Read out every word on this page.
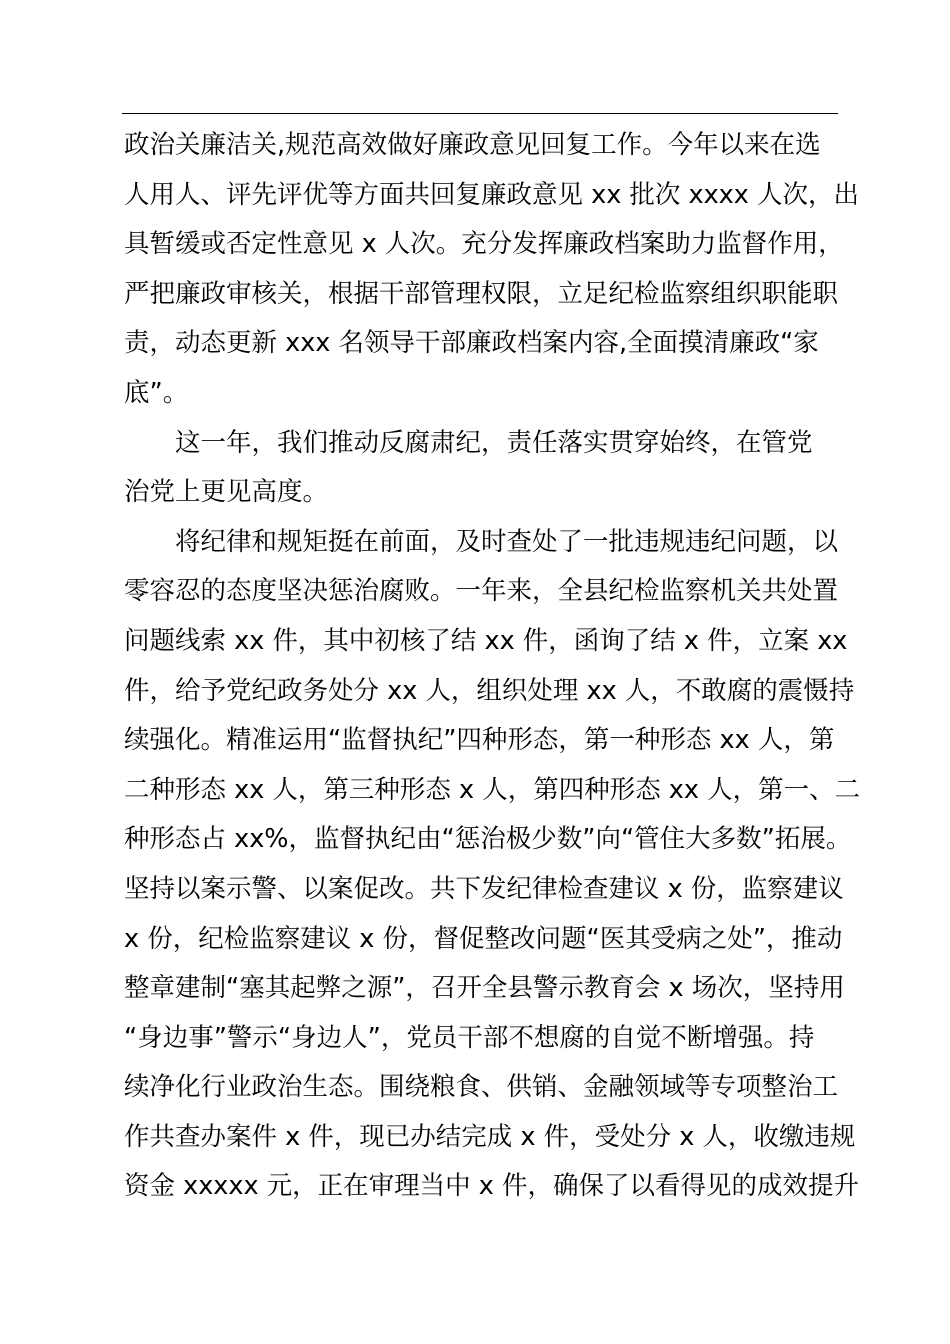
政治关廉洁关,规范高效做好廉政意见回复工作。今年以来在选
人用人、评先评优等方面共回复廉政意见 xx 批次 xxxx 人次，出
具暂缓或否定性意见 x 人次。充分发挥廉政档案助力监督作用，
严把廉政审核关，根据干部管理权限，立足纪检监察组织职能职
责，动态更新 xxx 名领导干部廉政档案内容,全面摸清廉政“家
底”。
这一年，我们推动反腐肃纪，责任落实贯穿始终，在管党
治党上更见高度。
将纪律和规矩挺在前面，及时查处了一批违规违纪问题，以
零容忍的态度坚决惩治腐败。一年来，全县纪检监察机关共处置
问题线索 xx 件，其中初核了结 xx 件，函询了结 x 件，立案 xx
件，给予党纪政务处分 xx 人，组织处理 xx 人，不敢腐的震慑持
续强化。精准运用“监督执纪”四种形态，第一种形态 xx 人，第
二种形态 xx 人，第三种形态 x 人，第四种形态 xx 人，第一、二
种形态占 xx%，监督执纪由“惩治极少数”向“管住大多数”拓展。
坚持以案示警、以案促改。共下发纪律检查建议 x 份，监察建议
x 份，纪检监察建议 x 份，督促整改问题“医其受病之处”，推动
整章建制“塞其起弊之源”，召开全县警示教育会 x 场次，坚持用
“身边事”警示“身边人”，党员干部不想腐的自觉不断增强。持
续净化行业政治生态。围绕粮食、供销、金融领域等专项整治工
作共查办案件 x 件，现已办结完成 x 件，受处分 x 人，收缴违规
资金 xxxxx 元，正在审理当中 x 件，确保了以看得见的成效提升
